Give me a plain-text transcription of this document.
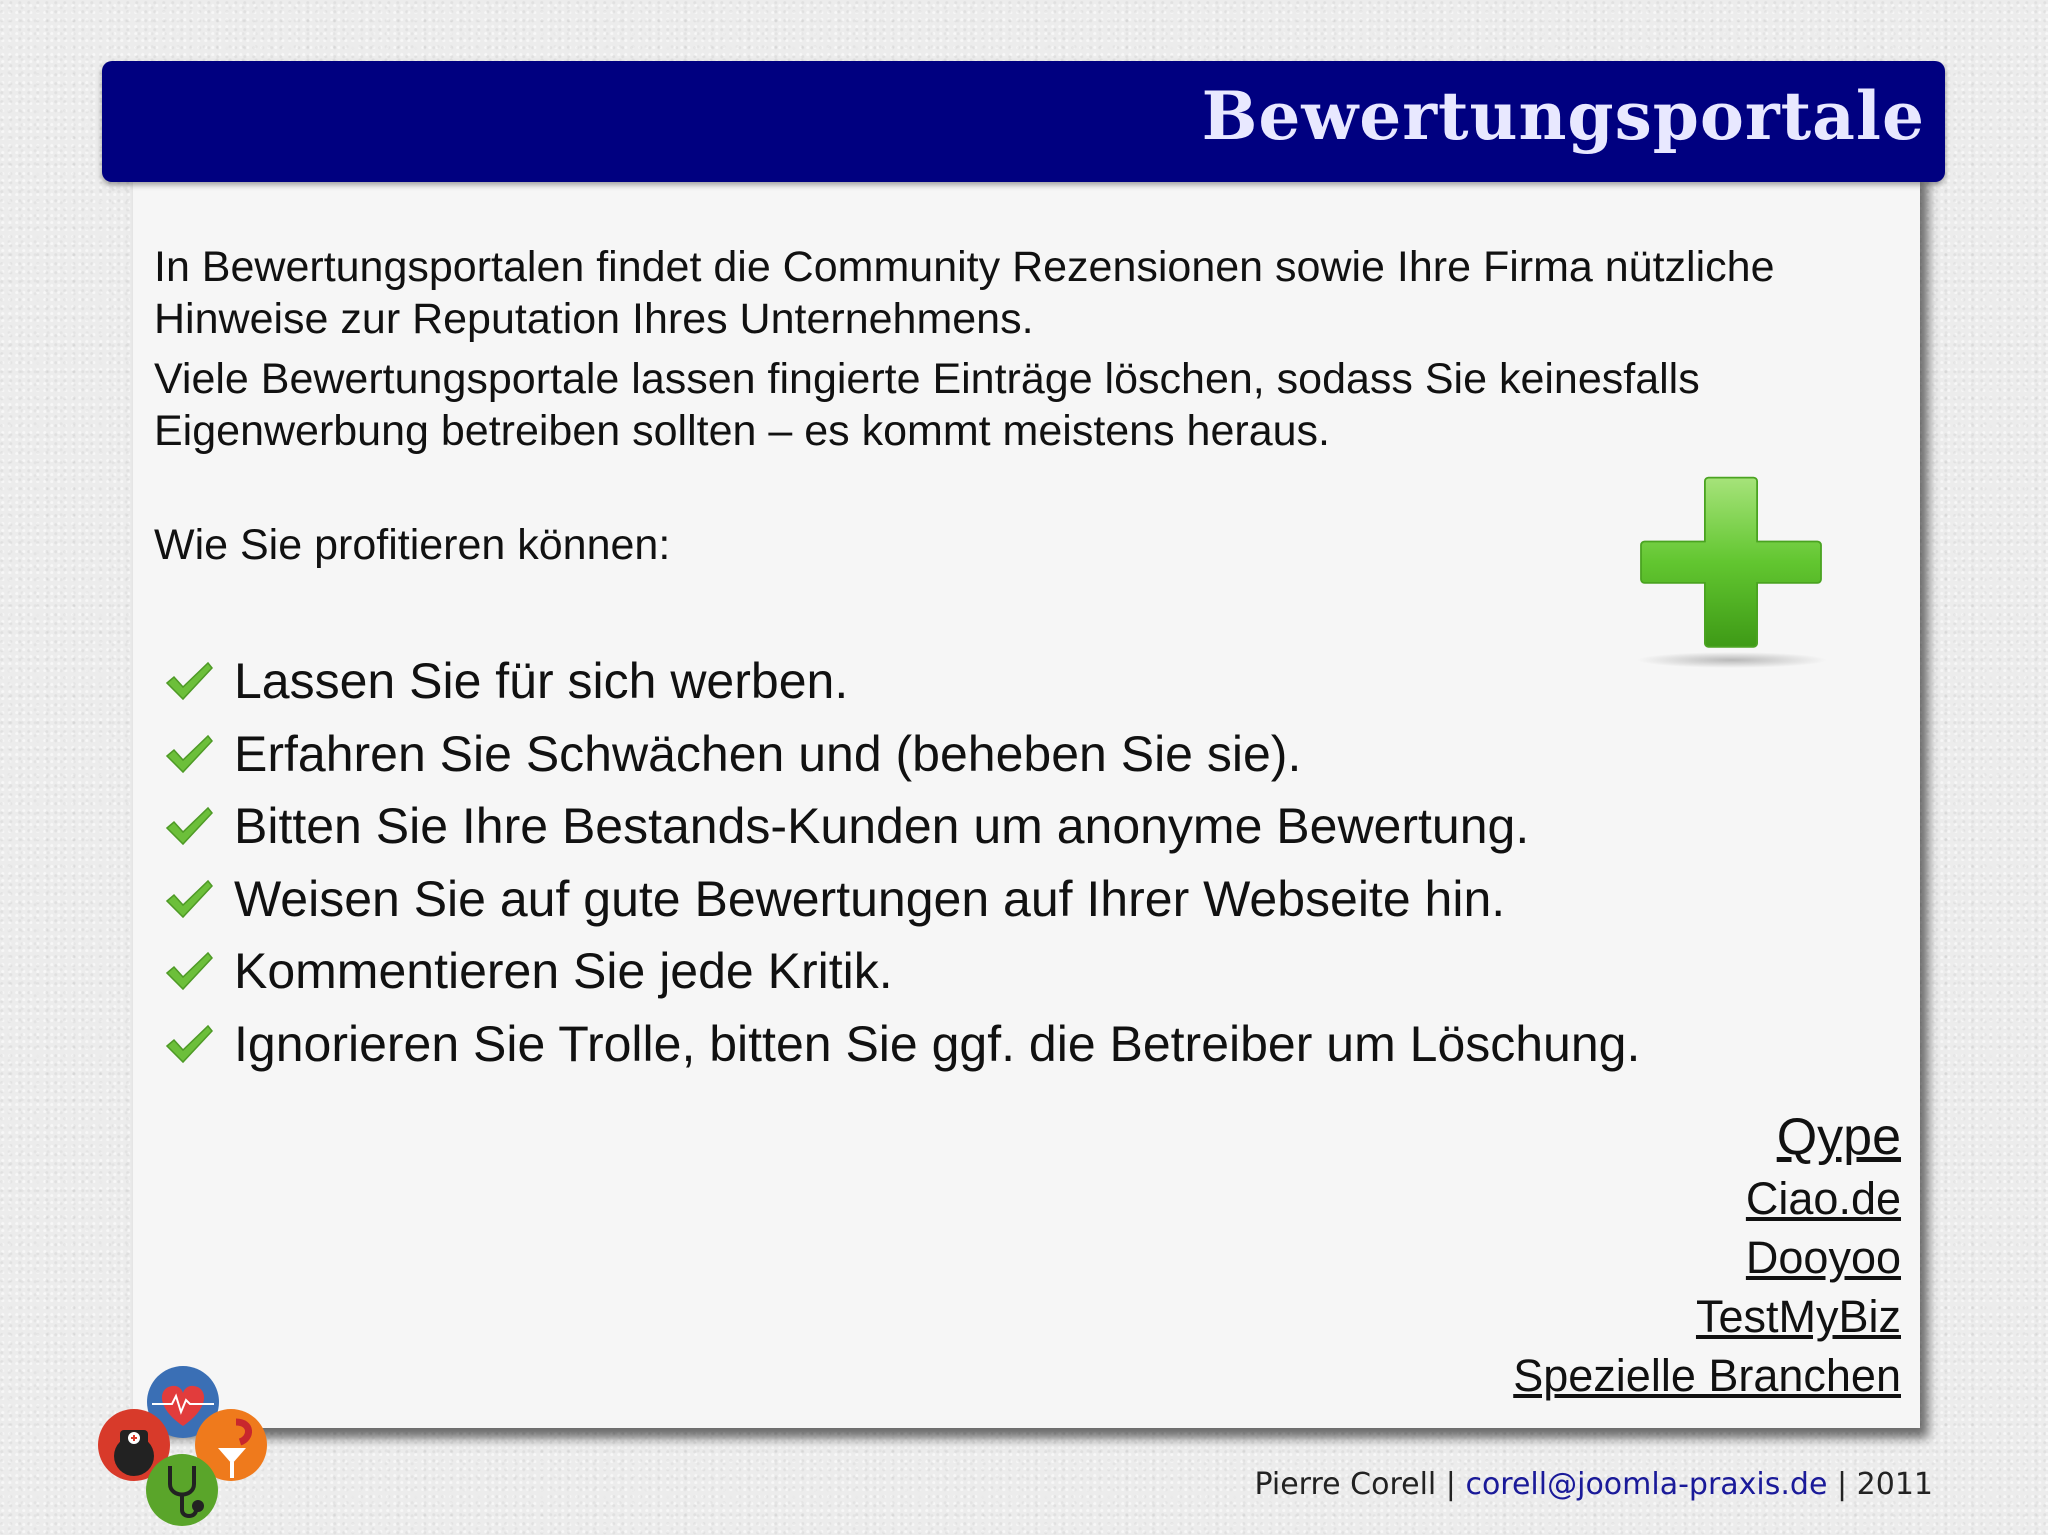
Bewertungsportale
In Bewertungsportalen findet die Community Rezensionen sowie Ihre Firma nützliche Hinweise zur Reputation Ihres Unternehmens.
Viele Bewertungsportale lassen fingierte Einträge löschen, sodass Sie keinesfalls Eigenwerbung betreiben sollten – es kommt meistens heraus.
Wie Sie profitieren können:
Lassen Sie für sich werben.
Erfahren Sie Schwächen und (beheben Sie sie).
Bitten Sie Ihre Bestands-Kunden um anonyme Bewertung.
Weisen Sie auf gute Bewertungen auf Ihrer Webseite hin.
Kommentieren Sie jede Kritik.
Ignorieren Sie Trolle, bitten Sie ggf. die Betreiber um Löschung.
Qype
Ciao.de
Dooyoo
TestMyBiz
Spezielle Branchen
Pierre Corell | corell@joomla-praxis.de | 2011
